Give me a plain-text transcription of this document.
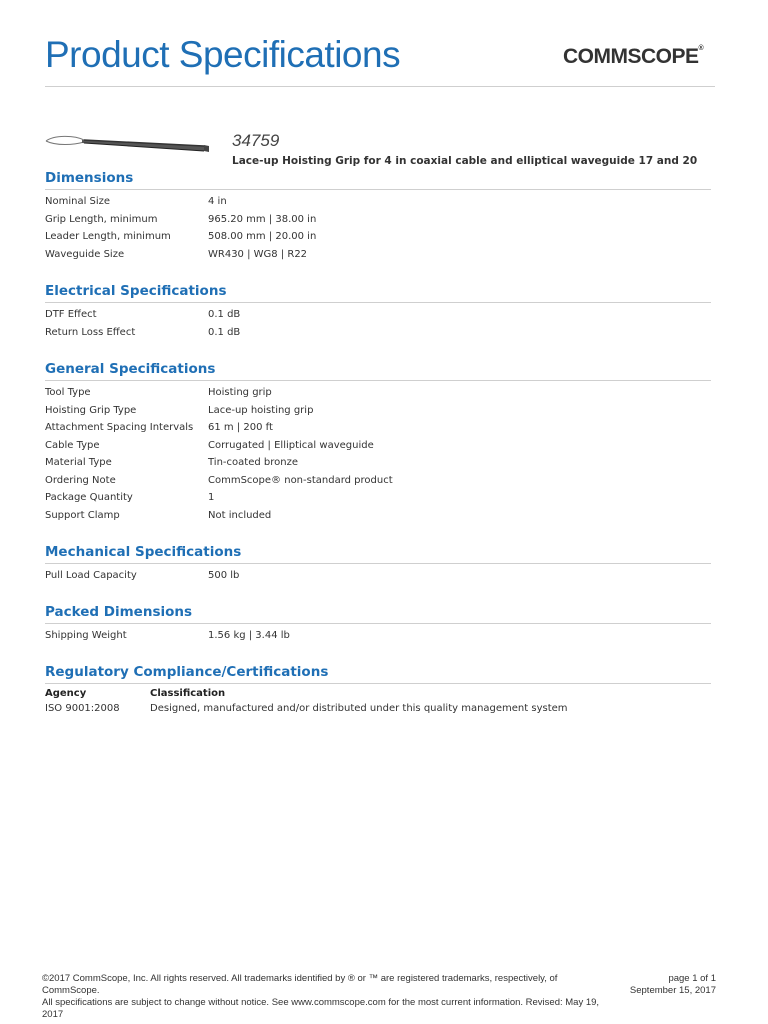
Product Specifications	COMMSCOPE®
34759
Lace-up Hoisting Grip for 4 in coaxial cable and elliptical waveguide 17 and 20
Dimensions
Nominal Size	4 in
Grip Length, minimum	965.20 mm | 38.00 in
Leader Length, minimum	508.00 mm | 20.00 in
Waveguide Size	WR430 | WG8 | R22
Electrical Specifications
DTF Effect	0.1 dB
Return Loss Effect	0.1 dB
General Specifications
Tool Type	Hoisting grip
Hoisting Grip Type	Lace-up hoisting grip
Attachment Spacing Intervals	61 m | 200 ft
Cable Type	Corrugated | Elliptical waveguide
Material Type	Tin-coated bronze
Ordering Note	CommScope® non-standard product
Package Quantity	1
Support Clamp	Not included
Mechanical Specifications
Pull Load Capacity	500 lb
Packed Dimensions
Shipping Weight	1.56 kg | 3.44 lb
Regulatory Compliance/Certifications
Agency	Classification
ISO 9001:2008	Designed, manufactured and/or distributed under this quality management system
©2017 CommScope, Inc. All rights reserved. All trademarks identified by ® or ™ are registered trademarks, respectively, of CommScope.
All specifications are subject to change without notice. See www.commscope.com for the most current information. Revised: May 19, 2017
page 1 of 1
September 15, 2017
